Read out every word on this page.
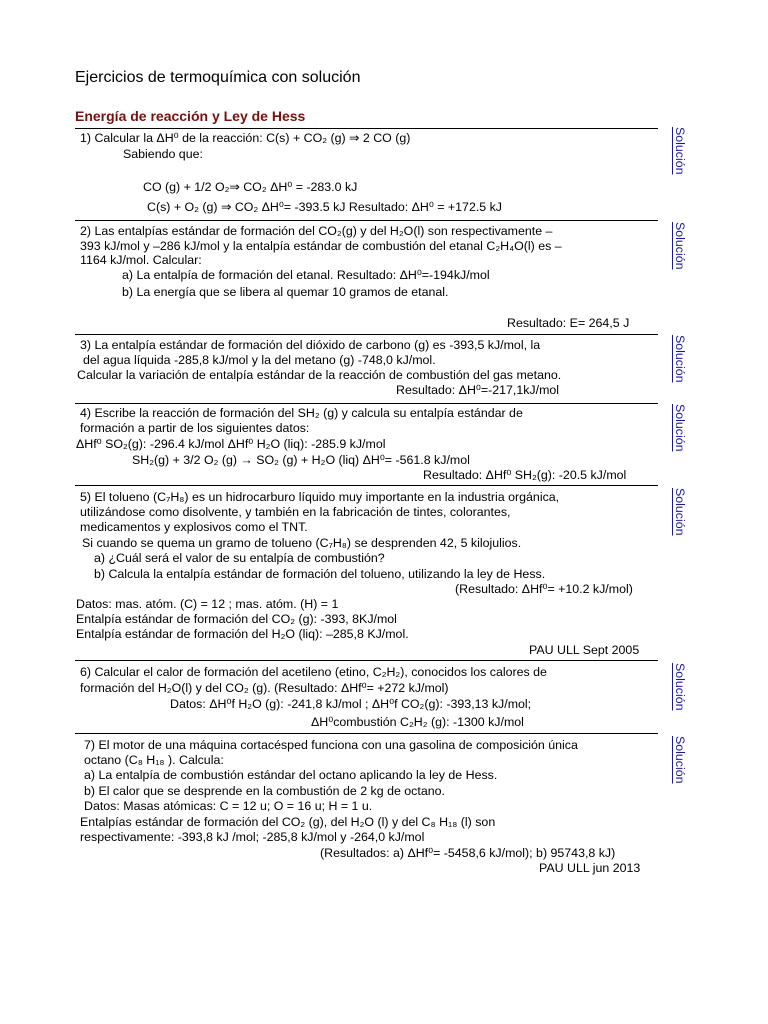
Ejercicios de termoquímica con solución
Energía de reacción y Ley de Hess
1) Calcular la ΔH⁰ de la reacción: C(s) + CO₂ (g) ⇒ 2 CO (g)
Sabiendo que:
CO (g) + 1/2 O₂⇒ CO₂ ΔH⁰ = -283.0 kJ
C(s) + O₂ (g) ⇒ CO₂ ΔH⁰= -393.5 kJ Resultado: ΔH⁰ = +172.5 kJ
Solución
2) Las entalpías estándar de formación del CO₂(g) y del H₂O(l) son respectivamente –
393 kJ/mol y –286 kJ/mol y la entalpía estándar de combustión del etanal C₂H₄O(l) es –
1164 kJ/mol. Calcular:
a) La entalpía de formación del etanal. Resultado: ΔH⁰=-194kJ/mol
b) La energía que se libera al quemar 10 gramos de etanal.
Resultado: E= 264,5 J
Solución
3) La entalpía estándar de formación del dióxido de carbono (g) es -393,5 kJ/mol, la
del agua líquida -285,8 kJ/mol y la del metano (g) -748,0 kJ/mol.
Calcular la variación de entalpía estándar de la reacción de combustión del gas metano.
Resultado: ΔH⁰=-217,1kJ/mol
Solución
4) Escribe la reacción de formación del SH₂ (g) y calcula su entalpía estándar de
formación a partir de los siguientes datos:
ΔHf⁰ SO₂(g): -296.4 kJ/mol ΔHf⁰ H₂O (liq): -285.9 kJ/mol
SH₂(g) + 3/2 O₂ (g) → SO₂ (g) + H₂O (liq) ΔH⁰= -561.8 kJ/mol
Resultado: ΔHf⁰ SH₂(g): -20.5 kJ/mol
Solución
5) El tolueno (C₇H₈) es un hidrocarburo líquido muy importante en la industria orgánica,
utilizándose como disolvente, y también en la fabricación de tintes, colorantes,
medicamentos y explosivos como el TNT.
Si cuando se quema un gramo de tolueno (C₇H₈) se desprenden 42, 5 kilojulios.
a) ¿Cuál será el valor de su entalpía de combustión?
b) Calcula la entalpía estándar de formación del tolueno, utilizando la ley de Hess.
(Resultado: ΔHf⁰= +10.2 kJ/mol)
Datos: mas. atóm. (C) = 12 ; mas. atóm. (H) = 1
Entalpía estándar de formación del CO₂ (g): -393, 8KJ/mol
Entalpía estándar de formación del H₂O (liq): –285,8 KJ/mol.
PAU ULL Sept 2005
Solución
6) Calcular el calor de formación del acetileno (etino, C₂H₂), conocidos los calores de
formación del H₂O(l) y del CO₂ (g). (Resultado: ΔHf⁰= +272 kJ/mol)
Datos: ΔH⁰f H₂O (g): -241,8 kJ/mol ; ΔH⁰f CO₂(g): -393,13 kJ/mol;
ΔH⁰combustión C₂H₂ (g): -1300 kJ/mol
Solución
7) El motor de una máquina cortacésped funciona con una gasolina de composición única
octano (C₈ H₁₈ ). Calcula:
a) La entalpía de combustión estándar del octano aplicando la ley de Hess.
b) El calor que se desprende en la combustión de 2 kg de octano.
Datos: Masas atómicas: C = 12 u; O = 16 u; H = 1 u.
Entalpías estándar de formación del CO₂ (g), del H₂O (l) y del C₈ H₁₈ (l) son
respectivamente: -393,8 kJ /mol; -285,8 kJ/mol y -264,0 kJ/mol
(Resultados: a) ΔHf⁰= -5458,6 kJ/mol); b) 95743,8 kJ)
PAU ULL jun 2013
Solución
